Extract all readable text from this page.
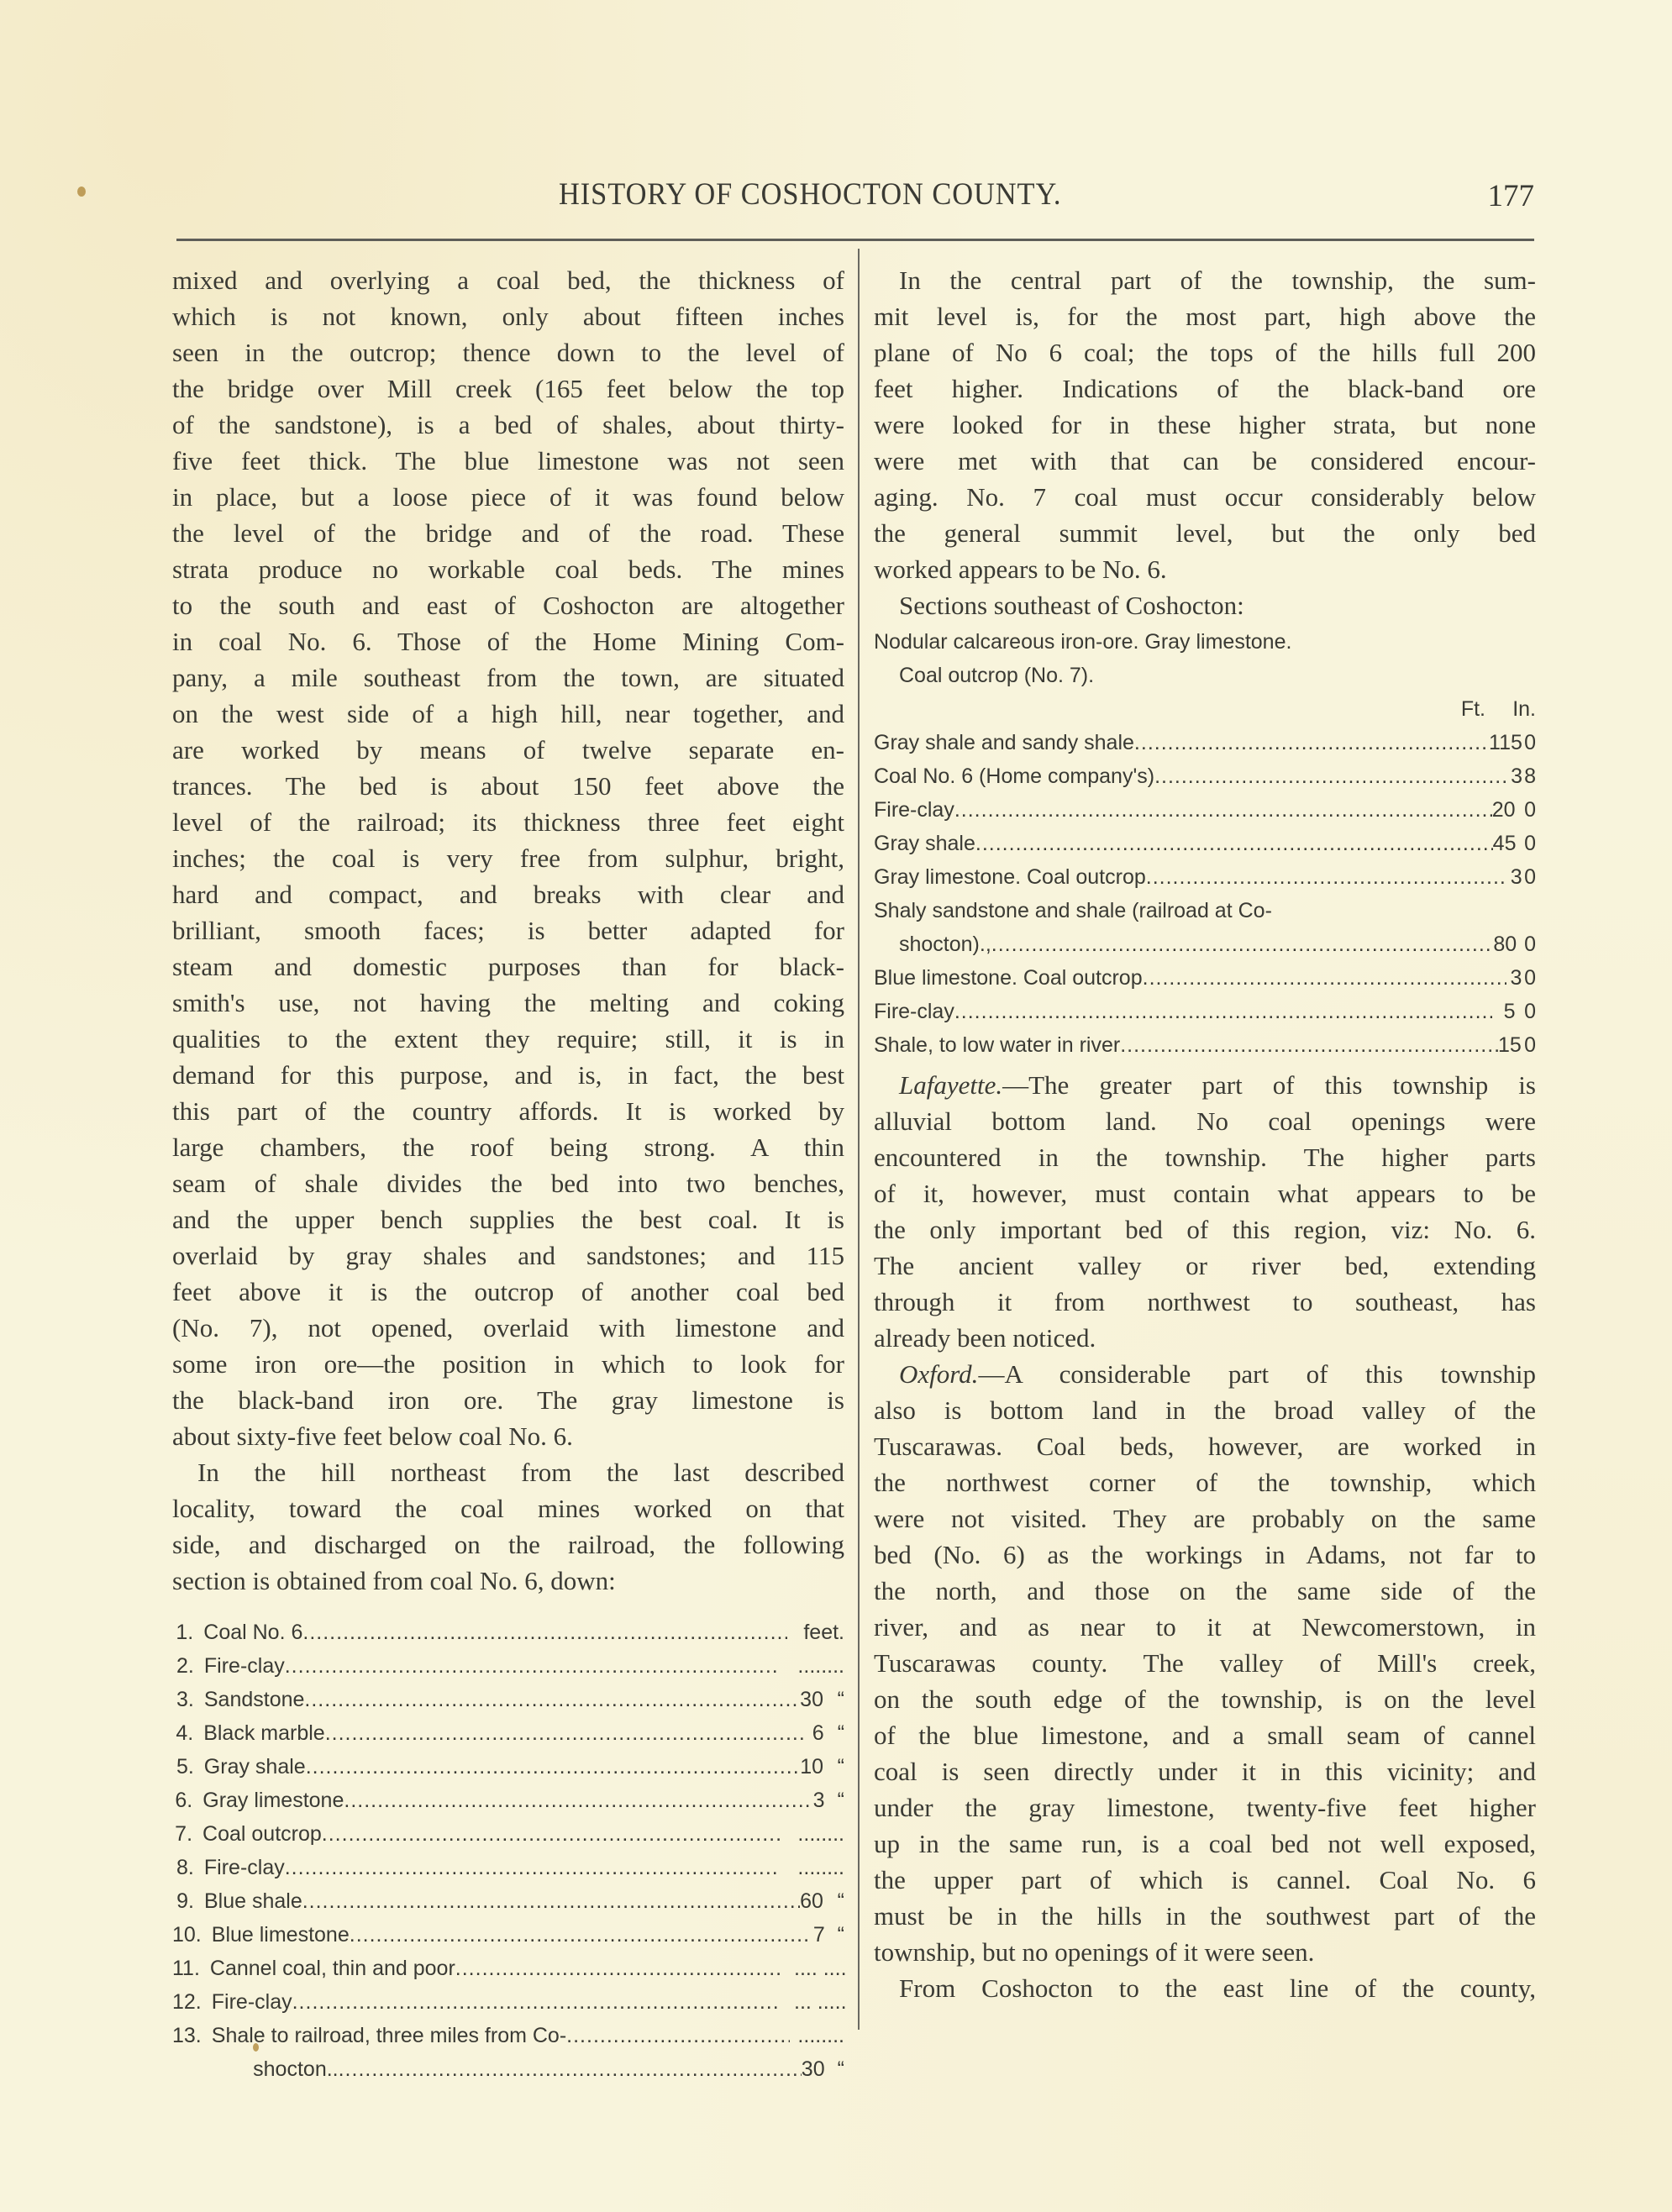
HISTORY OF COSHOCTON COUNTY.	177
mixed and overlying a coal bed, the thickness of
which is not known, only about fifteen inches
seen in the outcrop; thence down to the level of
the bridge over Mill creek (165 feet below the top
of the sandstone), is a bed of shales, about thirty-
five feet thick. The blue limestone was not seen
in place, but a loose piece of it was found below
the level of the bridge and of the road. These
strata produce no workable coal beds. The mines
to the south and east of Coshocton are altogether
in coal No. 6. Those of the Home Mining Com-
pany, a mile southeast from the town, are situated
on the west side of a high hill, near together, and
are worked by means of twelve separate en-
trances. The bed is about 150 feet above the
level of the railroad; its thickness three feet eight
inches; the coal is very free from sulphur, bright,
hard and compact, and breaks with clear and
brilliant, smooth faces; is better adapted for
steam and domestic purposes than for black-
smith's use, not having the melting and coking
qualities to the extent they require; still, it is in
demand for this purpose, and is, in fact, the best
this part of the country affords. It is worked by
large chambers, the roof being strong. A thin
seam of shale divides the bed into two benches,
and the upper bench supplies the best coal. It is
overlaid by gray shales and sandstones; and 115
feet above it is the outcrop of another coal bed
(No. 7), not opened, overlaid with limestone and
some iron ore—the position in which to look for
the black-band iron ore. The gray limestone is
about sixty-five feet below coal No. 6.
In the hill northeast from the last described
locality, toward the coal mines worked on that
side, and discharged on the railroad, the following
section is obtained from coal No. 6, down:
1. Coal No. 6 .....	feet.
2. Fire-clay .....	........
3. Sandstone .....	30 “
4. Black marble .....	6 “
5. Gray shale .....	10 “
6. Gray limestone .....	3 “
7. Coal outcrop .....	........
8. Fire-clay .....	........
9. Blue shale .....	60 “
10. Blue limestone .....	7 “
11. Cannel coal, thin and poor .....	.... ....
12. Fire-clay .....	... .....
13. Shale to railroad, three miles from Co- .....	........
shocton.. .....	30 “
In the central part of the township, the sum-
mit level is, for the most part, high above the
plane of No 6 coal; the tops of the hills full 200
feet higher. Indications of the black-band ore
were looked for in these higher strata, but none
were met with that can be considered encour-
aging. No. 7 coal must occur considerably below
the general summit level, but the only bed
worked appears to be No. 6.
Sections southeast of Coshocton:
Nodular calcareous iron-ore. Gray limestone.
Coal outcrop (No. 7).
Ft.	In.
Gray shale and sandy shale .....	115 0
Coal No. 6 (Home company's) .....	3 8
Fire-clay .....	20 0
Gray shale .....	45 0
Gray limestone. Coal outcrop .....	3 0
Shaly sandstone and shale (railroad at Co-
shocton)., .....	80 0
Blue limestone. Coal outcrop .....	3 0
Fire-clay .....	5 0
Shale, to low water in river .....	15 0
Lafayette.—The greater part of this township is
alluvial bottom land. No coal openings were
encountered in the township. The higher parts
of it, however, must contain what appears to be
the only important bed of this region, viz: No. 6.
The ancient valley or river bed, extending
through it from northwest to southeast, has
already been noticed.
Oxford.—A considerable part of this township
also is bottom land in the broad valley of the
Tuscarawas. Coal beds, however, are worked in
the northwest corner of the township, which
were not visited. They are probably on the same
bed (No. 6) as the workings in Adams, not far to
the north, and those on the same side of the
river, and as near to it at Newcomerstown, in
Tuscarawas county. The valley of Mill's creek,
on the south edge of the township, is on the level
of the blue limestone, and a small seam of cannel
coal is seen directly under it in this vicinity; and
under the gray limestone, twenty-five feet higher
up in the same run, is a coal bed not well exposed,
the upper part of which is cannel. Coal No. 6
must be in the hills in the southwest part of the
township, but no openings of it were seen.
From Coshocton to the east line of the county,
